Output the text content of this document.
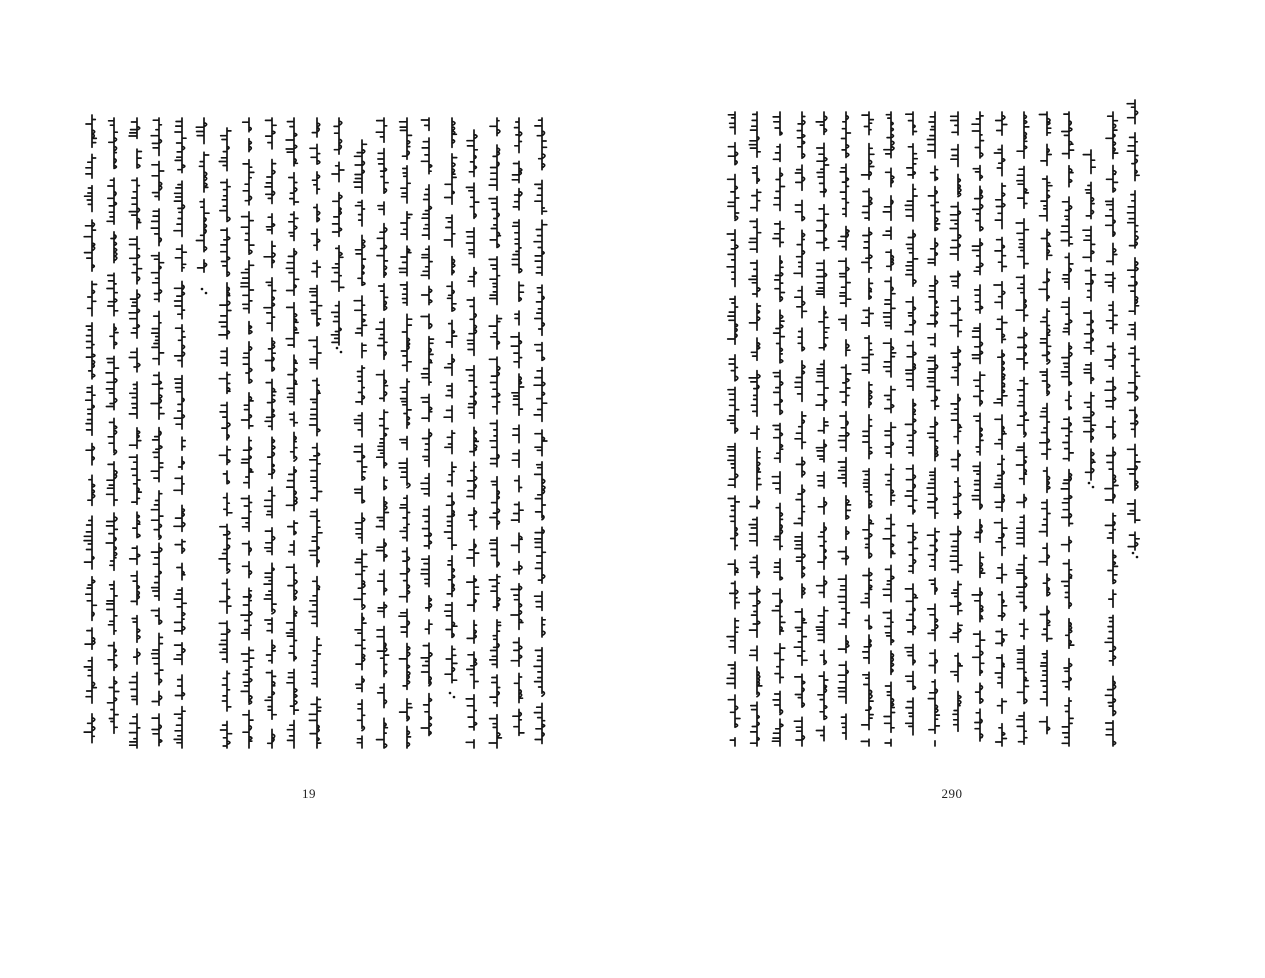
19	290
